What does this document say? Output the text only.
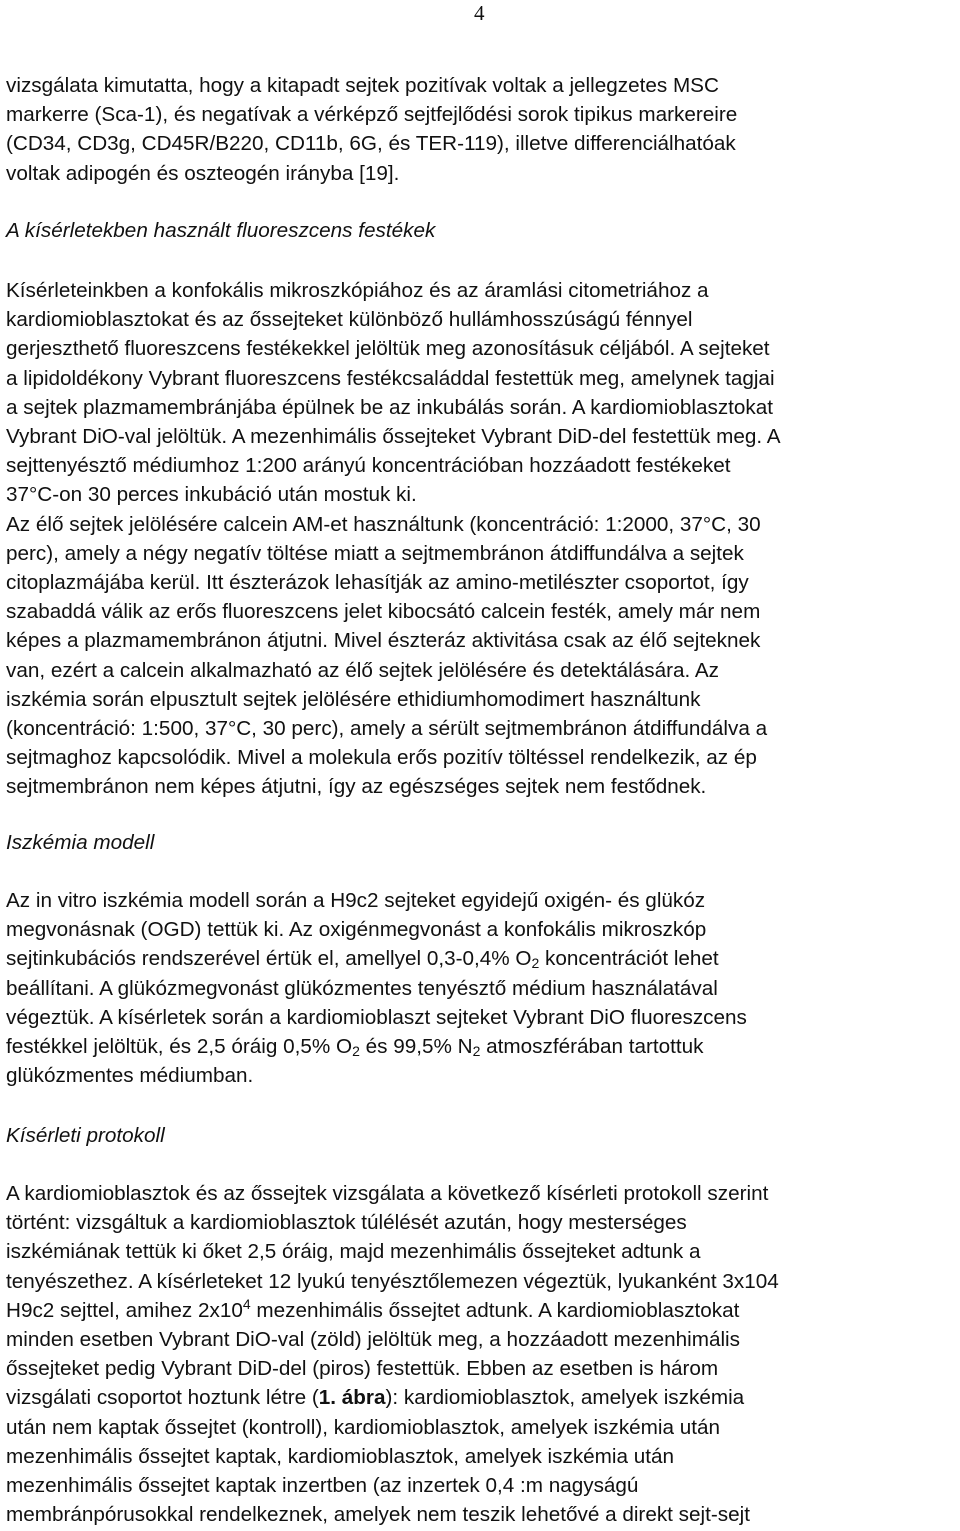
4

vizsgálata kimutatta, hogy a kitapadt sejtek pozitívak voltak a jellegzetes MSC
markerre (Sca-1), és negatívak a vérképző sejtfejlődési sorok tipikus markereire
(CD34, CD3g, CD45R/B220, CD11b, 6G, és TER-119), illetve differenciálhatóak
voltak adipogén és oszteogén irányba [19].

A kísérletekben használt fluoreszcens festékek

Kísérleteinkben a konfokális mikroszkópiához és az áramlási citometriához a
kardiomioblasztokat és az őssejteket különböző hullámhosszúságú fénnyel
gerjeszthető fluoreszcens festékekkel jelöltük meg azonosításuk céljából. A sejteket
a lipidoldékony Vybrant fluoreszcens festékcsaláddal festettük meg, amelynek tagjai
a sejtek plazmamembránjába épülnek be az inkubálás során. A kardiomioblasztokat
Vybrant DiO-val jelöltük. A mezenhimális őssejteket Vybrant DiD-del festettük meg. A
sejttenyésztő médiumhoz 1:200 arányú koncentrációban hozzáadott festékeket
37°C-on 30 perces inkubáció után mostuk ki.
Az élő sejtek jelölésére calcein AM-et használtunk (koncentráció: 1:2000, 37°C, 30
perc), amely a négy negatív töltése miatt a sejtmembránon átdiffundálva a sejtek
citoplazmájába kerül. Itt észterázok lehasítják az amino-metilészter csoportot, így
szabaddá válik az erős fluoreszcens jelet kibocsátó calcein festék, amely már nem
képes a plazmamembránon átjutni. Mivel észteráz aktivitása csak az élő sejteknek
van, ezért a calcein alkalmazható az élő sejtek jelölésére és detektálására. Az
iszkémia során elpusztult sejtek jelölésére ethidiumhomodimert használtunk
(koncentráció: 1:500, 37°C, 30 perc), amely a sérült sejtmembránon átdiffundálva a
sejtmaghoz kapcsolódik. Mivel a molekula erős pozitív töltéssel rendelkezik, az ép
sejtmembránon nem képes átjutni, így az egészséges sejtek nem festődnek.

Iszkémia modell

Az in vitro iszkémia modell során a H9c2 sejteket egyidejű oxigén- és glükóz
megvonásnak (OGD) tettük ki. Az oxigénmegvonást a konfokális mikroszkóp
sejtinkubációs rendszerével értük el, amellyel 0,3-0,4% $O_2$ koncentrációt lehet
beállítani. A glükózmegvonást glükózmentes tenyésztő médium használatával
végeztük. A kísérletek során a kardiomioblaszt sejteket Vybrant DiO fluoreszcens
festékkel jelöltük, és 2,5 óráig 0,5% $O_2$ és 99,5% $N_2$ atmoszférában tartottuk
glükózmentes médiumban.

Kísérleti protokoll

A kardiomioblasztok és az őssejtek vizsgálata a következő kísérleti protokoll szerint
történt: vizsgáltuk a kardiomioblasztok túlélését azután, hogy mesterséges
iszkémiának tettük ki őket 2,5 óráig, majd mezenhimális őssejteket adtunk a
tenyészethez. A kísérleteket 12 lyukú tenyésztőlemezen végeztük, lyukanként 3x104
H9c2 sejttel, amihez $2x10^4$ mezenhimális őssejtet adtunk. A kardiomioblasztokat
minden esetben Vybrant DiO-val (zöld) jelöltük meg, a hozzáadott mezenhimális
őssejteket pedig Vybrant DiD-del (piros) festettük. Ebben az esetben is három
vizsgálati csoportot hoztunk létre (1. ábra): kardiomioblasztok, amelyek iszkémia
után nem kaptak őssejtet (kontroll), kardiomioblasztok, amelyek iszkémia után
mezenhimális őssejtet kaptak, kardiomioblasztok, amelyek iszkémia után
mezenhimális őssejtet kaptak inzertben (az inzertek 0,4 :m nagyságú
membránpórusokkal rendelkeznek, amelyek nem teszik lehetővé a direkt sejt-sejt
